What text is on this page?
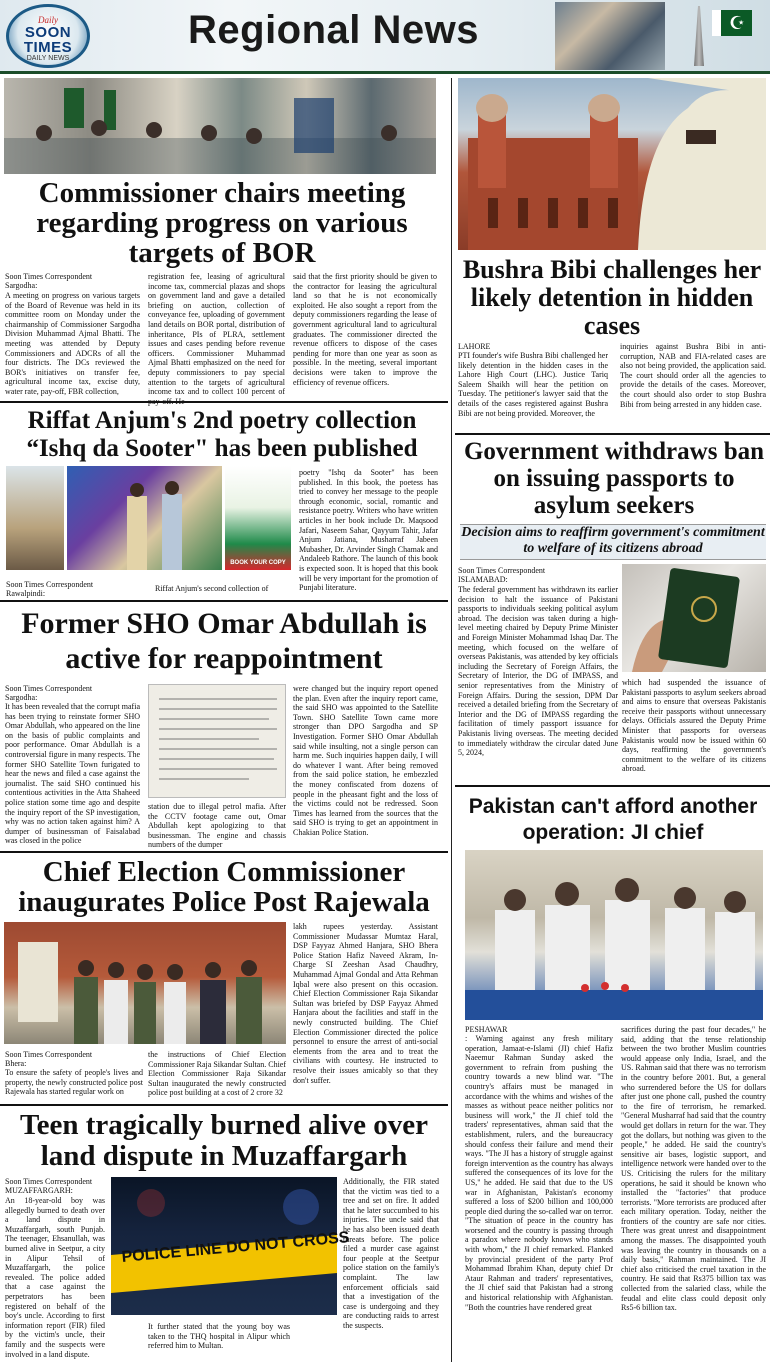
Daily
SOON TIMES
DAILY NEWS
Regional News
☪
Commissioner chairs meeting regarding progress on various targets of BOR
Soon Times Correspondent
Sargodha:
A meeting on progress on various targets of the Board of Revenue was held in its committee room on Monday under the chairmanship of Commissioner Sargodha Division Muhammad Ajmal Bhatti. The meeting was attended by Deputy Commissioners and ADCRs of all the four districts. The DCs reviewed the BOR's initiatives on transfer fee, agricultural income tax, excise duty, water rate, pay-off, FBR collection,
registration fee, leasing of agricultural income tax, commercial plazas and shops on government land and gave a detailed briefing on auction, collection of conveyance fee, uploading of government land details on BOR portal, distribution of inheritance, PIs of PLRA, settlement issues and cases pending before revenue officers. Commissioner Muhammad Ajmal Bhatti emphasized on the need for deputy commissioners to pay special attention to the targets of agricultural income tax and to collect 100 percent of
said that the first priority should be given to the contractor for leasing the agricultural land so that he is not economically exploited. He also sought a report from the deputy commissioners regarding the lease of government agricultural land to agricultural graduates. The commissioner directed the revenue officers to dispose of the cases pending for more than one year as soon as possible. In the meeting, several important decisions were taken to improve the efficiency of revenue officers.
Bushra Bibi challenges her likely detention in hidden cases
LAHORE
PTI founder's wife Bushra Bibi challenged her likely detention in the hidden cases in the Lahore High Court (LHC). Justice Tariq Saleem Shaikh will hear the petition on Tuesday. The petitioner's lawyer said that the details of the cases registered against Bushra Bibi are not being provided. Moreover, the
inquiries against Bushra Bibi in anti-corruption, NAB and FIA-related cases are also not being provided, the application said. The court should order all the agencies to provide the details of the cases. Moreover, the court should also order to stop Bushra Bibi from being arrested in any hidden case.
Riffat Anjum's 2nd poetry collection “Ishq da Sooter" has been published
BOOK YOUR COPY
Soon Times Correspondent
Rawalpindi:
Riffat Anjum's second collection of
poetry "Ishq da Sooter" has been published. In this book, the poetess has tried to convey her message to the people through economic, social, romantic and resistance poetry. Writers who have written articles in her book include Dr. Maqsood Jafari, Naseem Sahar, Qayyum Tahir, Jafar Anjum Jatiana, Musharraf Jabeen Mubasher, Dr. Arvinder Singh Chamak and Andaleeb Rathore. The launch of this book is expected soon. It is hoped that this book will be very important for the promotion of Punjabi literature.
Government withdraws ban on issuing passports to asylum seekers
Decision aims to reaffirm government's commitment to welfare of its citizens abroad
Soon Times Correspondent
ISLAMABAD:
The federal government has withdrawn its earlier decision to halt the issuance of Pakistani passports to individuals seeking political asylum abroad. The decision was taken during a high-level meeting chaired by Deputy Prime Minister and Foreign Minister Mohammad Ishaq Dar. The meeting, which focused on the welfare of overseas Pakistanis, was attended by key officials including the Secretary of Foreign Affairs, the Secretary of Interior, the DG of IMPASS, and senior representatives from the Ministry of Foreign Affairs. During the session, DPM Dar received a detailed briefing from the Secretary of Interior and the DG of IMPASS regarding the facilitation of timely passport issuance for Pakistanis living overseas. The meeting decided to immediately withdraw the circular dated June 5, 2024,
which had suspended the issuance of Pakistani passports to asylum seekers abroad and aims to ensure that overseas Pakistanis receive their passports without unnecessary delays. Officials assured the Deputy Prime Minister that passports for overseas Pakistanis would now be issued within 60 days, reaffirming the government's commitment to the welfare of its citizens abroad.
Former SHO Omar Abdullah is active for reappointment
Soon Times Correspondent
Sargodha:
It has been revealed that the corrupt mafia has been trying to reinstate former SHO Omar Abdullah, who appeared on the line on the basis of public complaints and poor performance. Omar Abdullah is a controversial figure in many respects. The former SHO Satellite Town furigated to hear the news and filed a case against the journalist. The said SHO continued his contentious activities in the Atta Shaheed police station some time ago and despite the inquiry report of the SP investigation, why was no action taken against him? A dumper of businessman of Faisalabad was closed in the police
station due to illegal petrol mafia. After the CCTV footage came out, Omar Abdullah kept apologizing to that businessman. The engine and chassis numbers of the dumper
were changed but the inquiry report opened the plan. Even after the inquiry report came, the said SHO was appointed to the Satellite Town. SHO Satellite Town came more stronger than DPO Sargodha and SP Investigation. Former SHO Omar Abdullah said while insulting, not a single person can harm me. Such inquiries happen daily, I will do whatever I want. After being removed from the said police station, he embezzled the money confiscated from dozens of people in the pheasant fight and the loss of the victims could not be redressed. Soon Times has learned from the sources that the said SHO is trying to get an appointment in Chakian Police Station.
Pakistan can't afford another operation: JI chief
PESHAWAR
: Warning against any fresh military operation, Jamaat-e-Islami (JI) chief Hafiz Naeemur Rahman Sunday asked the government to refrain from pushing the country towards a new blind war. "The country's affairs must be managed in accordance with the whims and wishes of the masses as without peace neither politics nor business will work," the JI chief told the traders' representatives, ahman said that the establishment, rulers, and the bureaucracy should confess their failure and mend their ways. "The JI has a history of struggle against foreign intervention as the country has always suffered the consequences of its love for the US," he added. He said that due to the US war in Afghanistan, Pakistan's economy suffered a loss of $200 billion and 100,000 people died during the so-called war on terror. "The situation of peace in the country has worsened and the country is passing through a paradox where nobody knows who stands with whom," the JI chief remarked. Flanked by provincial president of the party Prof Mohammad Ibrahim Khan, deputy chief Dr Ataur Rahman and traders' representatives, the JI chief said that Pakistan had a strong and historical relationship with Afghanistan. "Both the countries have rendered great
sacrifices during the past four decades," he said, adding that the tense relationship between the two brother Muslim countries would appease only India, Israel, and the US. Rahman said that there was no terrorism in the country before 2001. But, a general who surrendered before the US for dollars after just one phone call, pushed the country to the fire of terrorism, he remarked. "General Musharraf had said that the country would get dollars in return for the war. They got the dollars, but nothing was given to the people," he added. He said the country's sensitive air bases, logistic support, and intelligence network were handed over to the US. Criticising the rulers for the military operations, he said it should be known who installed the "factories" that produce terrorists. "More terrorists are produced after each military operation. Today, neither the frontiers of the country are safe nor cities. There was great unrest and disappointment among the masses. The disappointed youth was leaving the country in thousands on a daily basis," Rahman maintained. The JI chief also criticised the cruel taxation in the country. He said that Rs375 billion tax was collected from the salaried class, while the feudal and elite class could deposit only Rs5-6 billion tax.
Chief Election Commissioner inaugurates Police Post Rajewala
Soon Times Correspondent
Bhera:
To ensure the safety of people's lives and property, the newly constructed police post Rajewala has started regular work on
the instructions of Chief Election Commissioner Raja Sikandar Sultan. Chief Election Commissioner Raja Sikandar Sultan inaugurated the newly constructed police post building at a cost of 2 crore 32
lakh rupees yesterday. Assistant Commissioner Mudassar Mumtaz Haral, DSP Fayyaz Ahmed Hanjara, SHO Bhera Police Station Hafiz Naveed Akram, In-Charge SI Zeeshan Asad Chaudhry, Muhammad Ajmal Gondal and Atta Rehman Iqbal were also present on this occasion. Chief Election Commissioner Raja Sikandar Sultan was briefed by DSP Fayyaz Ahmed Hanjara about the facilities and staff in the newly constructed building. The Chief Election Commissioner directed the police personnel to ensure the arrest of anti-social elements from the area and to treat the civilians with courtesy. He instructed to resolve their issues amicably so that they don't suffer.
Teen tragically burned alive over land dispute in Muzaffargarh
Soon Times Correspondent
MUZAFFARGARH:
An 18-year-old boy was allegedly burned to death over a land dispute in Muzaffargarh, south Punjab. The teenager, Ehsanullah, was burned alive in Seetpur, a city in Alipur Tehsil of Muzaffargarh, the police revealed. The police added that a case against the perpetrators has been registered on behalf of the boy's uncle. According to first information report (FIR) filed by the victim's uncle, their family and the suspects were involved in a land dispute.
POLICE LINE DO NOT CROSS
It further stated that the young boy was taken to the THQ hospital in Alipur which referred him to Multan.
Additionally, the FIR stated that the victim was tied to a tree and set on fire. It added that he later succumbed to his injuries. The uncle said that he has also been issued death threats before. The police filed a murder case against four people at the Seetpur police station on the family's complaint. The law enforcement officials said that a investigation of the case is undergoing and they are conducting raids to arrest the suspects.
